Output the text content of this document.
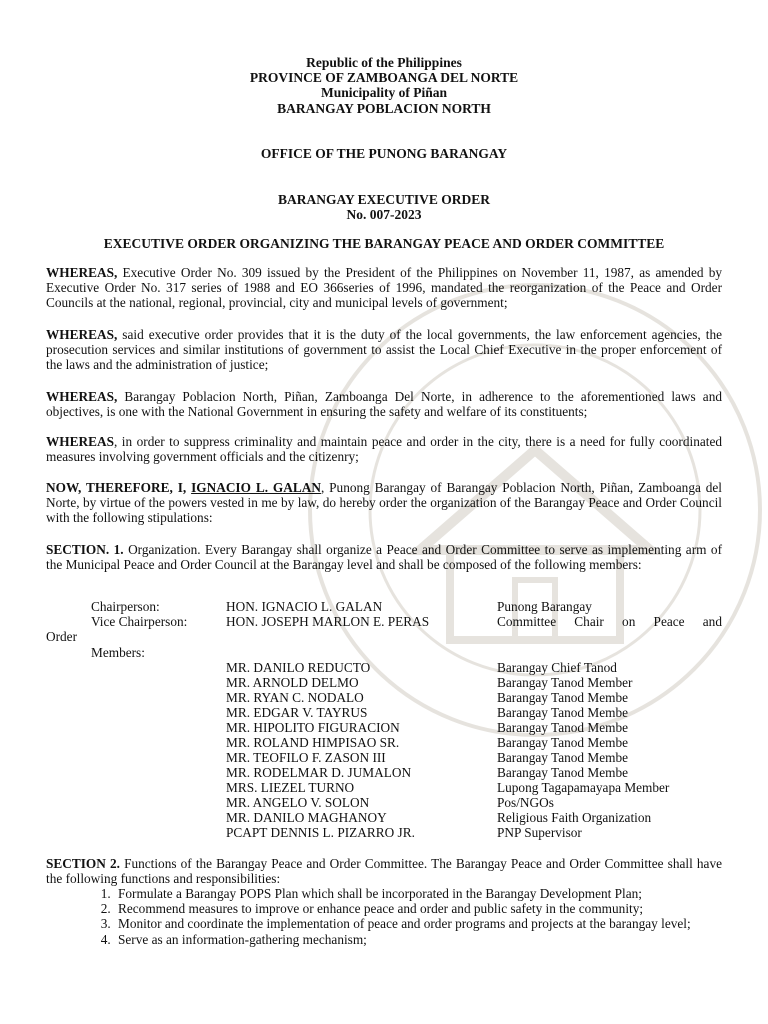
Republic of the Philippines
PROVINCE OF ZAMBOANGA DEL NORTE
Municipality of Piñan
BARANGAY POBLACION NORTH
OFFICE OF THE PUNONG BARANGAY
BARANGAY EXECUTIVE ORDER
No. 007-2023
EXECUTIVE ORDER ORGANIZING THE BARANGAY PEACE AND ORDER COMMITTEE
WHEREAS, Executive Order No. 309 issued by the President of the Philippines on November 11, 1987, as amended by Executive Order No. 317 series of 1988 and EO 366series of 1996, mandated the reorganization of the Peace and Order Councils at the national, regional, provincial, city and municipal levels of government;
WHEREAS, said executive order provides that it is the duty of the local governments, the law enforcement agencies, the prosecution services and similar institutions of government to assist the Local Chief Executive in the proper enforcement of the laws and the administration of justice;
WHEREAS, Barangay Poblacion North, Piñan, Zamboanga Del Norte, in adherence to the aforementioned laws and objectives, is one with the National Government in ensuring the safety and welfare of its constituents;
WHEREAS, in order to suppress criminality and maintain peace and order in the city, there is a need for fully coordinated measures involving government officials and the citizenry;
NOW, THEREFORE, I, IGNACIO L. GALAN, Punong Barangay of Barangay Poblacion North, Piñan, Zamboanga del Norte, by virtue of the powers vested in me by law, do hereby order the organization of the Barangay Peace and Order Council with the following stipulations:
SECTION. 1. Organization. Every Barangay shall organize a Peace and Order Committee to serve as implementing arm of the Municipal Peace and Order Council at the Barangay level and shall be composed of the following members:
Chairperson:	HON. IGNACIO L. GALAN	Punong Barangay
Vice Chairperson:	HON. JOSEPH MARLON E. PERAS	Committee Chair on Peace and
Order
Members:
MR. DANILO REDUCTO	Barangay Chief Tanod
MR. ARNOLD DELMO	Barangay Tanod Member
MR. RYAN C. NODALO	Barangay Tanod Membe
MR. EDGAR V. TAYRUS	Barangay Tanod Membe
MR. HIPOLITO FIGURACION	Barangay Tanod Membe
MR. ROLAND HIMPISAO SR.	Barangay Tanod Membe
MR. TEOFILO F. ZASON III	Barangay Tanod Membe
MR. RODELMAR D. JUMALON	Barangay Tanod Membe
MRS. LIEZEL TURNO	Lupong Tagapamayapa Member
MR. ANGELO V. SOLON	Pos/NGOs
MR. DANILO MAGHANOY	Religious Faith Organization
PCAPT DENNIS L. PIZARRO JR.	PNP Supervisor
SECTION 2. Functions of the Barangay Peace and Order Committee. The Barangay Peace and Order Committee shall have the following functions and responsibilities:
1. Formulate a Barangay POPS Plan which shall be incorporated in the Barangay Development Plan;
2. Recommend measures to improve or enhance peace and order and public safety in the community;
3. Monitor and coordinate the implementation of peace and order programs and projects at the barangay level;
4. Serve as an information-gathering mechanism;
